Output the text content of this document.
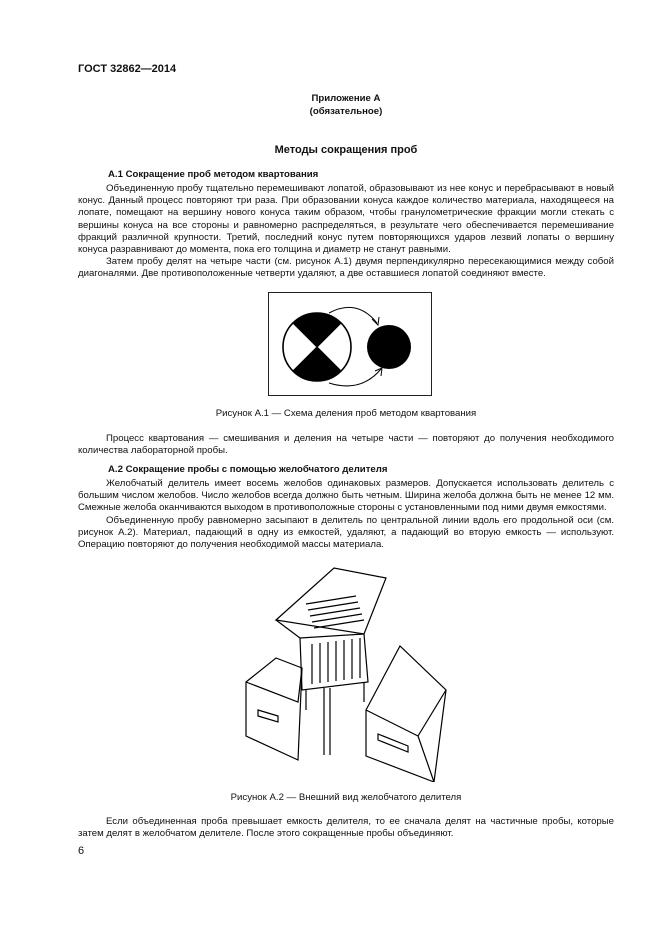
ГОСТ 32862—2014
Приложение А
(обязательное)
Методы сокращения проб
А.1 Сокращение проб методом квартования

Объединенную пробу тщательно перемешивают лопатой, образовывают из нее конус и перебрасывают в новый конус. Данный процесс повторяют три раза. При образовании конуса каждое количество материала, находящееся на лопате, помещают на вершину нового конуса таким образом, чтобы гранулометрические фракции могли стекать с вершины конуса на все стороны и равномерно распределяться, в результате чего обеспечивается перемешивание фракций различной крупности. Третий, последний конус путем повторяющихся ударов лезвий лопаты о вершину конуса разравнивают до момента, пока его толщина и диаметр не станут равными.

Затем пробу делят на четыре части (см. рисунок А.1) двумя перпендикулярно пересекающимися между собой диагоналями. Две противоположенные четверти удаляют, а две оставшиеся лопатой соединяют вместе.

Рисунок А.1 — Схема деления проб методом квартования

Процесс квартования — смешивания и деления на четыре части — повторяют до получения необходимого количества лабораторной пробы.

А.2 Сокращение пробы с помощью желобчатого делителя

Желобчатый делитель имеет восемь желобов одинаковых размеров. Допускается использовать делитель с большим числом желобов. Число желобов всегда должно быть четным. Ширина желоба должна быть не менее 12 мм. Смежные желоба оканчиваются выходом в противоположные стороны с установленными под ними двумя емкостями.

Объединенную пробу равномерно засыпают в делитель по центральной линии вдоль его продольной оси (см. рисунок А.2). Материал, падающий в одну из емкостей, удаляют, а падающий во вторую емкость — используют. Операцию повторяют до получения необходимой массы материала.

Рисунок А.2 — Внешний вид желобчатого делителя

Если объединенная проба превышает емкость делителя, то ее сначала делят на частичные пробы, которые затем делят в желобчатом делителе. После этого сокращенные пробы объединяют.

6
